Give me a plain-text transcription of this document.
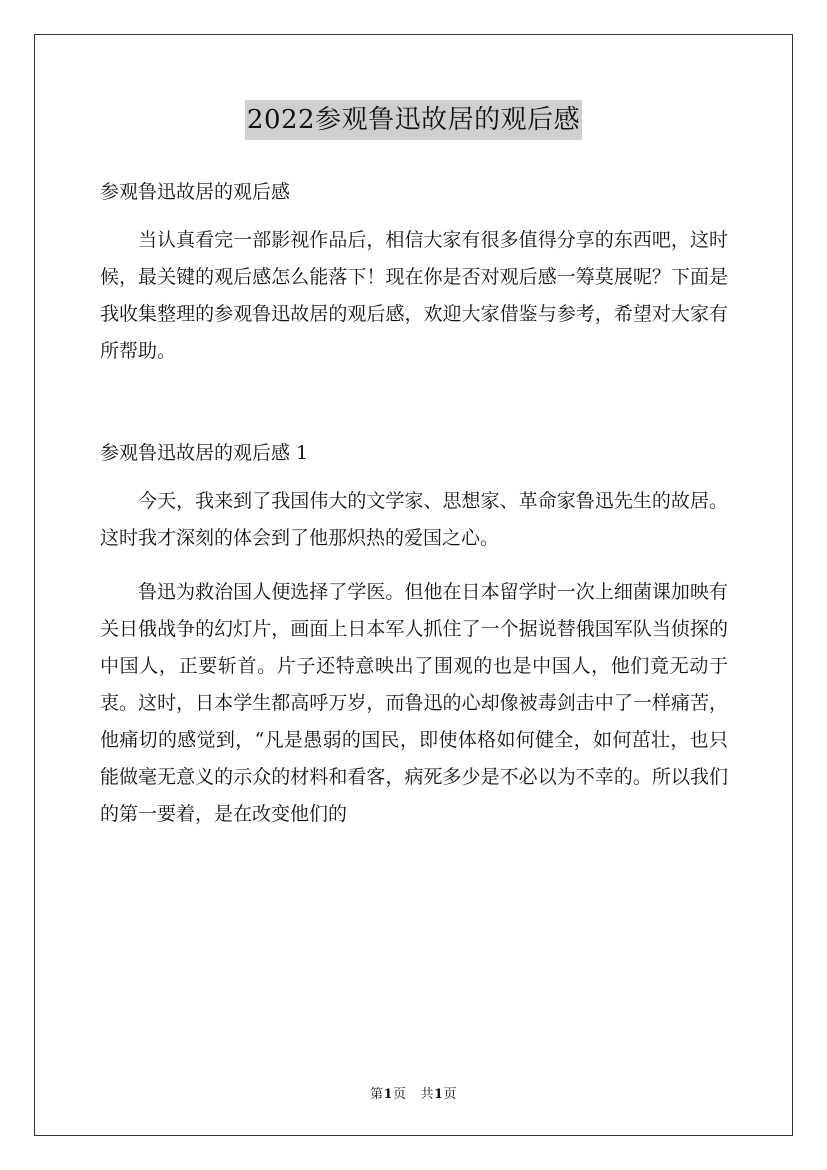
2022参观鲁迅故居的观后感

参观鲁迅故居的观后感

当认真看完一部影视作品后，相信大家有很多值得分享的东西吧，这时候，最关键的观后感怎么能落下！现在你是否对观后感一筹莫展呢？下面是我收集整理的参观鲁迅故居的观后感，欢迎大家借鉴与参考，希望对大家有所帮助。

参观鲁迅故居的观后感 1

今天，我来到了我国伟大的文学家、思想家、革命家鲁迅先生的故居。这时我才深刻的体会到了他那炽热的爱国之心。

鲁迅为救治国人便选择了学医。但他在日本留学时一次上细菌课加映有关日俄战争的幻灯片，画面上日本军人抓住了一个据说替俄国军队当侦探的中国人，正要斩首。片子还特意映出了围观的也是中国人，他们竟无动于衷。这时，日本学生都高呼万岁，而鲁迅的心却像被毒剑击中了一样痛苦，他痛切的感觉到，“凡是愚弱的国民，即使体格如何健全，如何茁壮，也只能做毫无意义的示众的材料和看客，病死多少是不必以为不幸的。所以我们的第一要着，是在改变他们的

第1页 共1页
